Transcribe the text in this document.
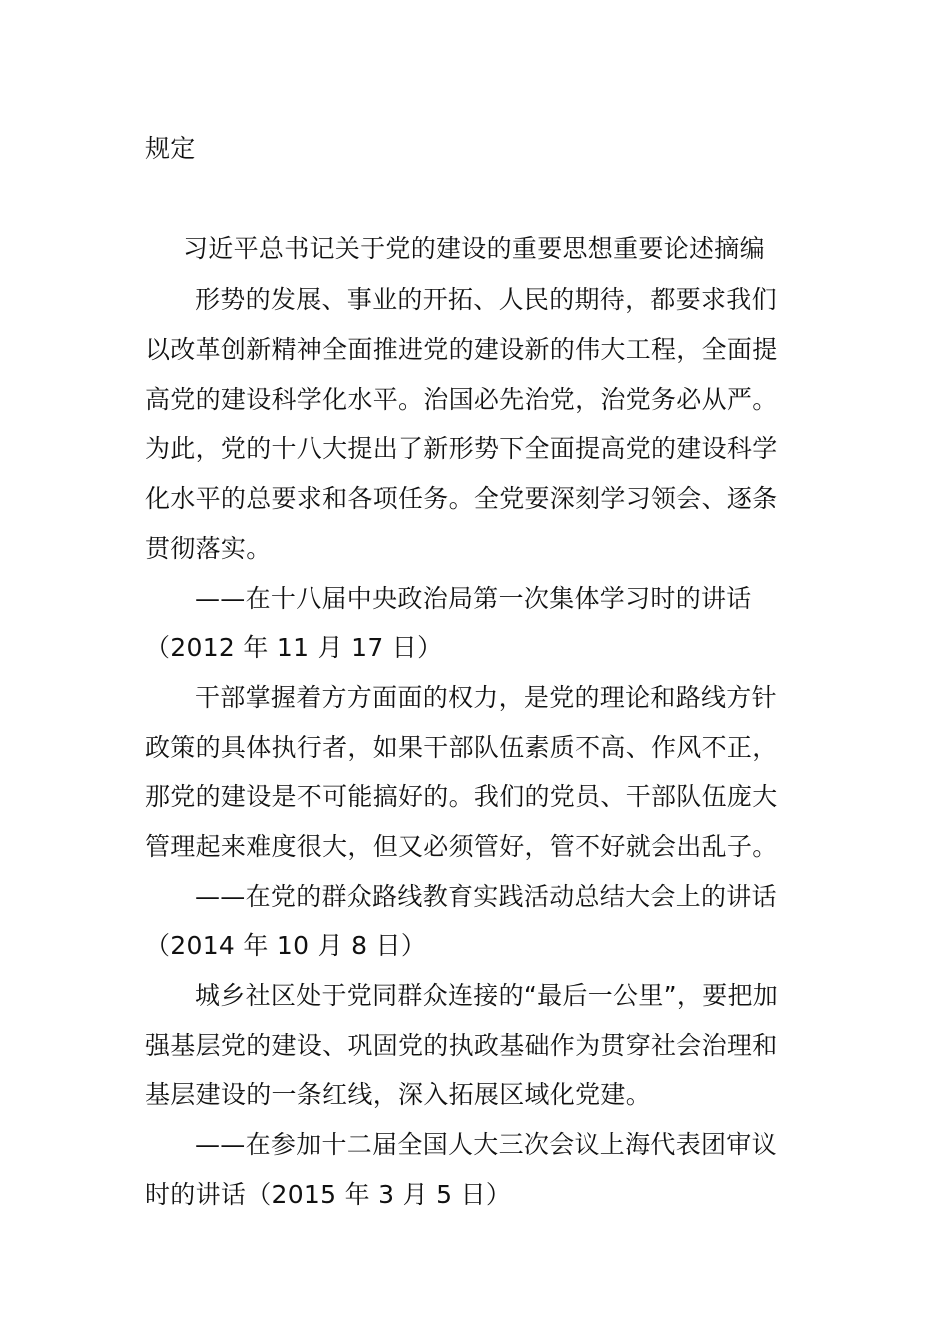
规定
习近平总书记关于党的建设的重要思想重要论述摘编
形势的发展、事业的开拓、人民的期待，都要求我们
以改革创新精神全面推进党的建设新的伟大工程，全面提
高党的建设科学化水平。治国必先治党，治党务必从严。
为此，党的十八大提出了新形势下全面提高党的建设科学
化水平的总要求和各项任务。全党要深刻学习领会、逐条
贯彻落实。
——在十八届中央政治局第一次集体学习时的讲话
（2012 年 11 月 17 日）
干部掌握着方方面面的权力，是党的理论和路线方针
政策的具体执行者，如果干部队伍素质不高、作风不正，
那党的建设是不可能搞好的。我们的党员、干部队伍庞大
管理起来难度很大，但又必须管好，管不好就会出乱子。
——在党的群众路线教育实践活动总结大会上的讲话
（2014 年 10 月 8 日）
城乡社区处于党同群众连接的“最后一公里”，要把加
强基层党的建设、巩固党的执政基础作为贯穿社会治理和
基层建设的一条红线，深入拓展区域化党建。
——在参加十二届全国人大三次会议上海代表团审议
时的讲话（2015 年 3 月 5 日）
